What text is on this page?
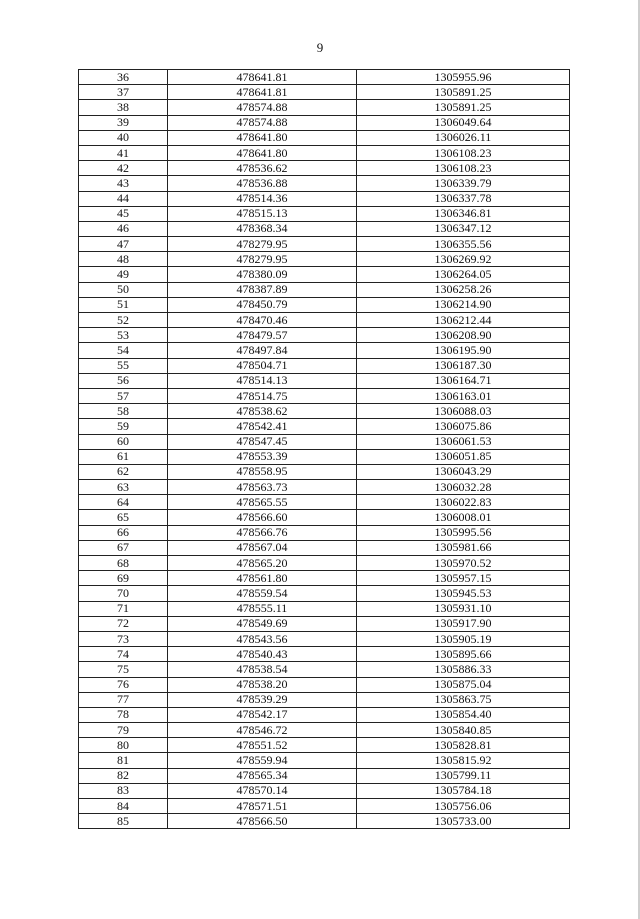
9
36	478641.81	1305955.96
37	478641.81	1305891.25
38	478574.88	1305891.25
39	478574.88	1306049.64
40	478641.80	1306026.11
41	478641.80	1306108.23
42	478536.62	1306108.23
43	478536.88	1306339.79
44	478514.36	1306337.78
45	478515.13	1306346.81
46	478368.34	1306347.12
47	478279.95	1306355.56
48	478279.95	1306269.92
49	478380.09	1306264.05
50	478387.89	1306258.26
51	478450.79	1306214.90
52	478470.46	1306212.44
53	478479.57	1306208.90
54	478497.84	1306195.90
55	478504.71	1306187.30
56	478514.13	1306164.71
57	478514.75	1306163.01
58	478538.62	1306088.03
59	478542.41	1306075.86
60	478547.45	1306061.53
61	478553.39	1306051.85
62	478558.95	1306043.29
63	478563.73	1306032.28
64	478565.55	1306022.83
65	478566.60	1306008.01
66	478566.76	1305995.56
67	478567.04	1305981.66
68	478565.20	1305970.52
69	478561.80	1305957.15
70	478559.54	1305945.53
71	478555.11	1305931.10
72	478549.69	1305917.90
73	478543.56	1305905.19
74	478540.43	1305895.66
75	478538.54	1305886.33
76	478538.20	1305875.04
77	478539.29	1305863.75
78	478542.17	1305854.40
79	478546.72	1305840.85
80	478551.52	1305828.81
81	478559.94	1305815.92
82	478565.34	1305799.11
83	478570.14	1305784.18
84	478571.51	1305756.06
85	478566.50	1305733.00
